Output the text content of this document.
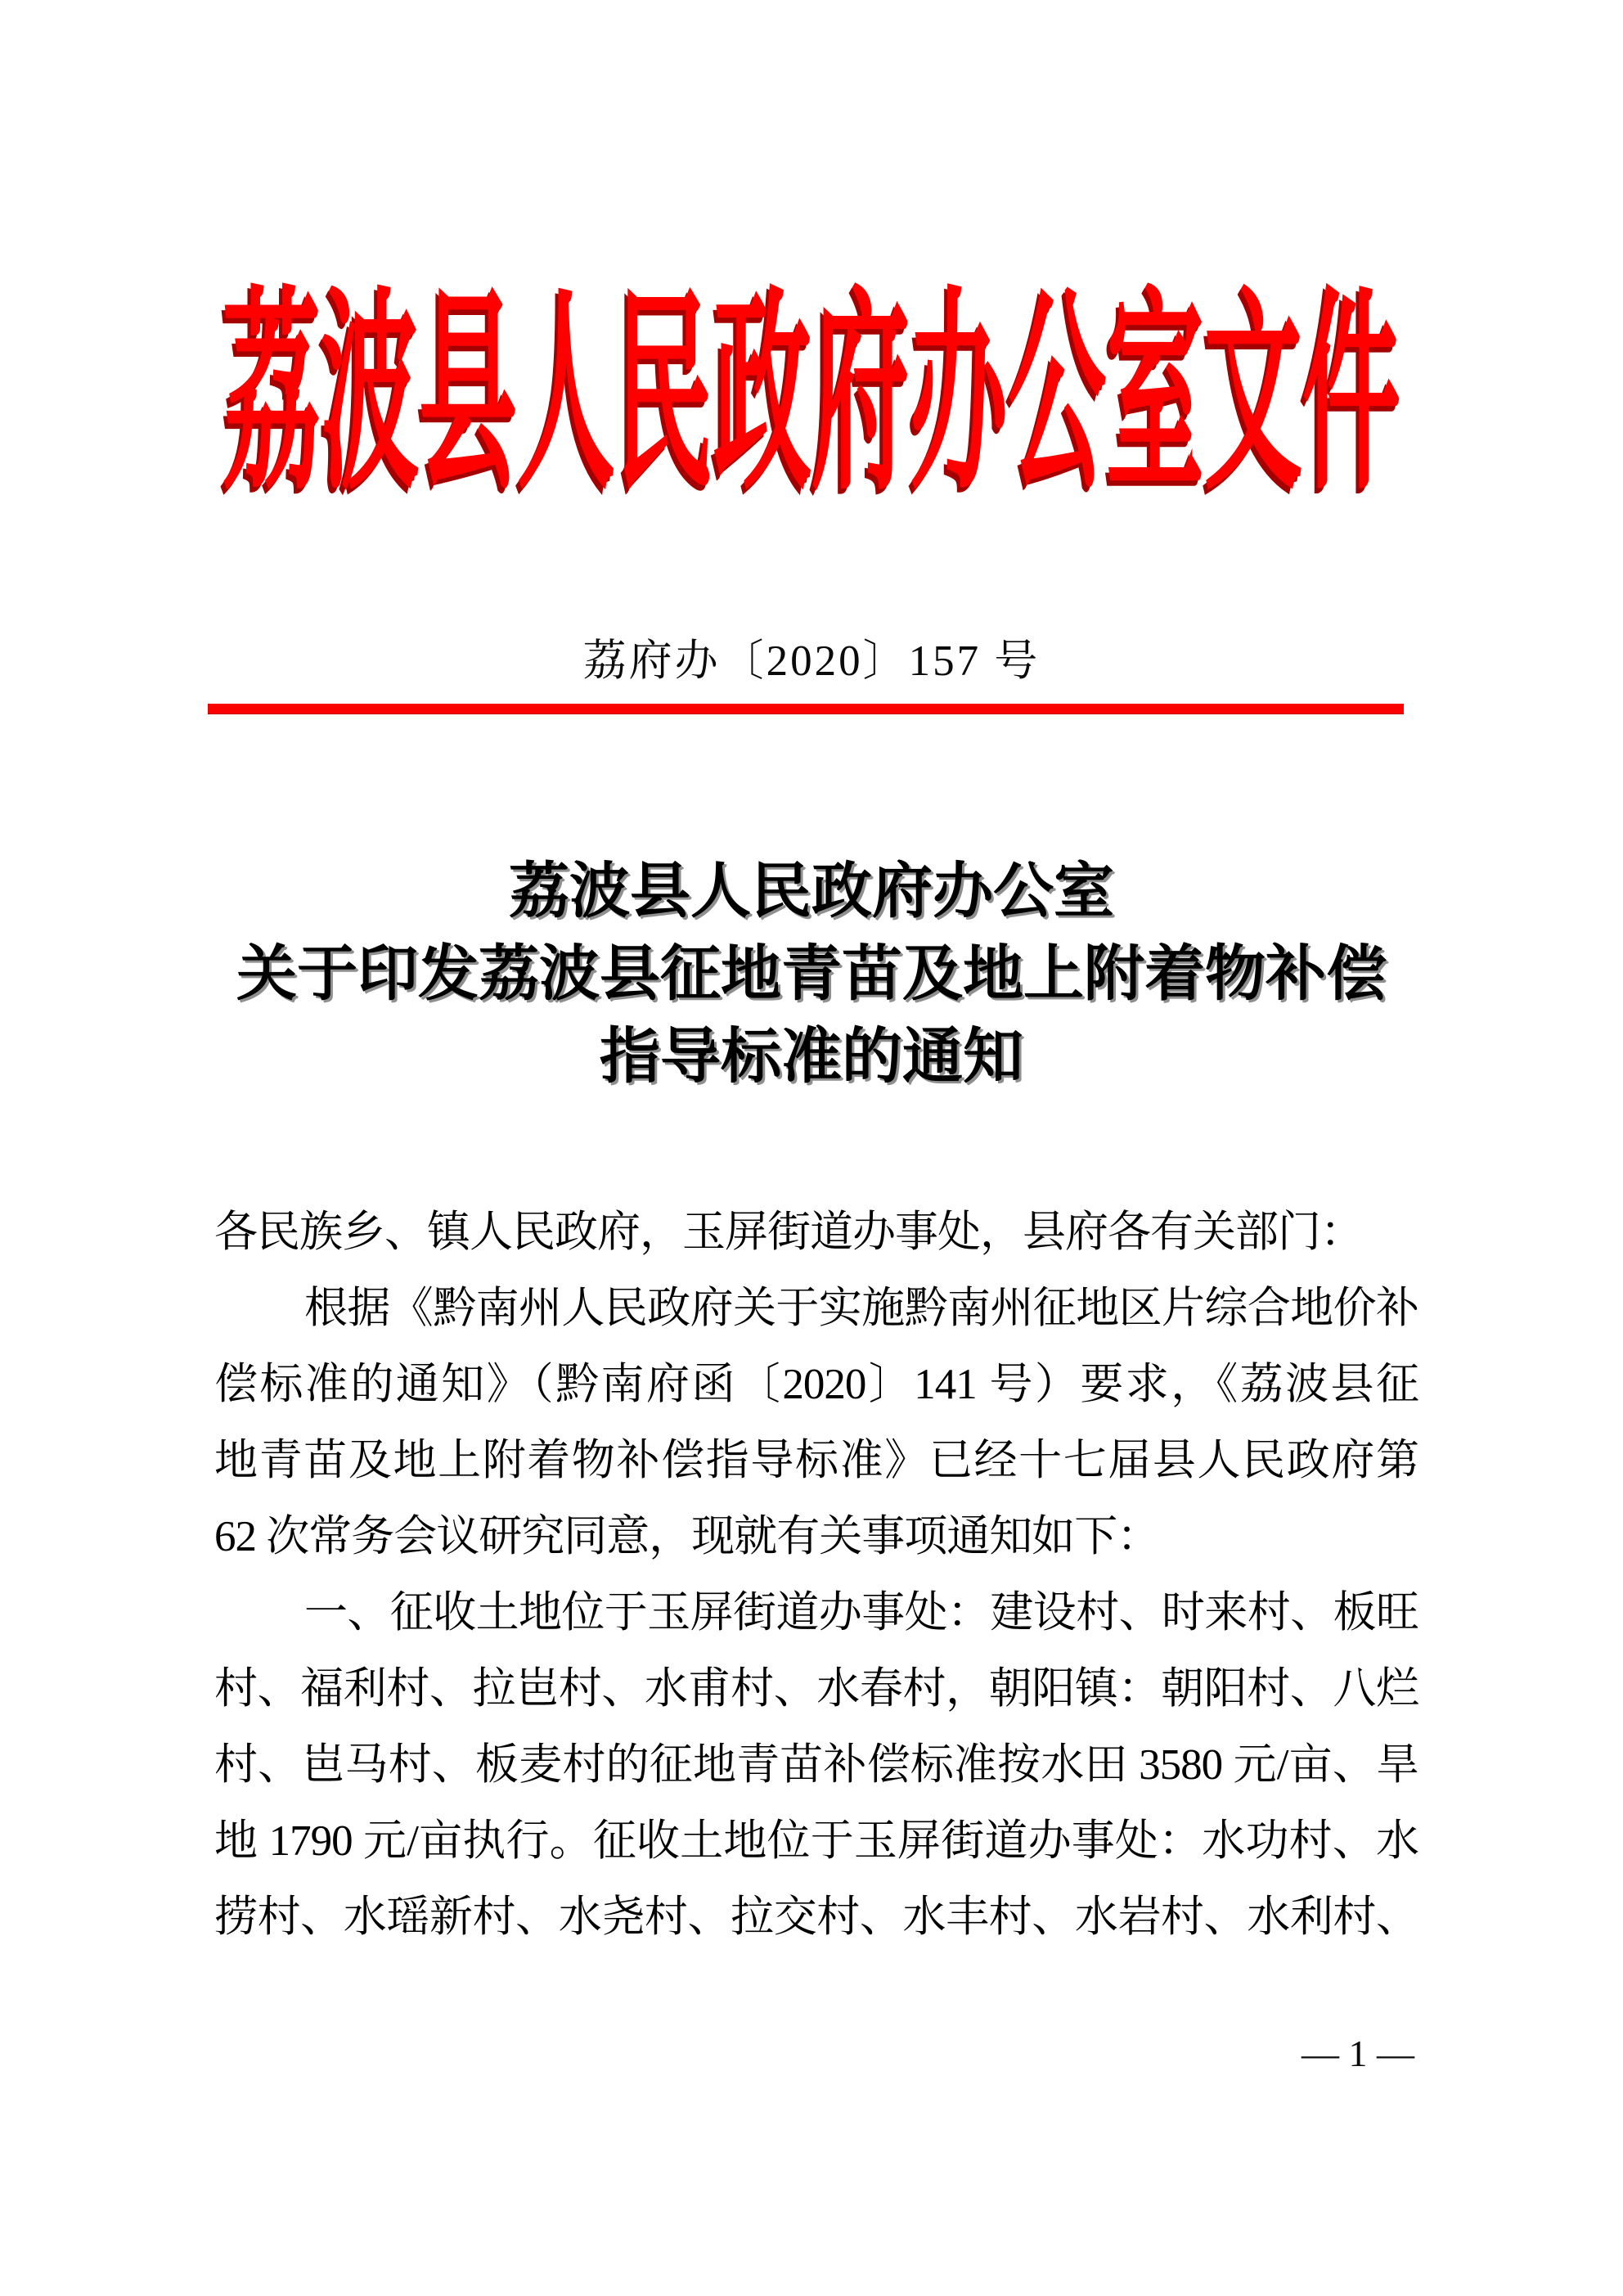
荔波县人民政府办公室文件
荔府办〔2020〕157 号
荔波县人民政府办公室
关于印发荔波县征地青苗及地上附着物补偿
指导标准的通知
各民族乡、镇人民政府，玉屏街道办事处，县府各有关部门：
根据《黔南州人民政府关于实施黔南州征地区片综合地价补
偿标准的通知》（黔南府函〔2020〕141 号）要求，《荔波县征
地青苗及地上附着物补偿指导标准》已经十七届县人民政府第
62 次常务会议研究同意，现就有关事项通知如下：
一、征收土地位于玉屏街道办事处：建设村、时来村、板旺
村、福利村、拉岜村、水甫村、水春村，朝阳镇：朝阳村、八烂
村、岜马村、板麦村的征地青苗补偿标准按水田 3580 元/亩、旱
地 1790 元/亩执行。征收土地位于玉屏街道办事处：水功村、水
捞村、水瑶新村、水尧村、拉交村、水丰村、水岩村、水利村、
— 1 —
